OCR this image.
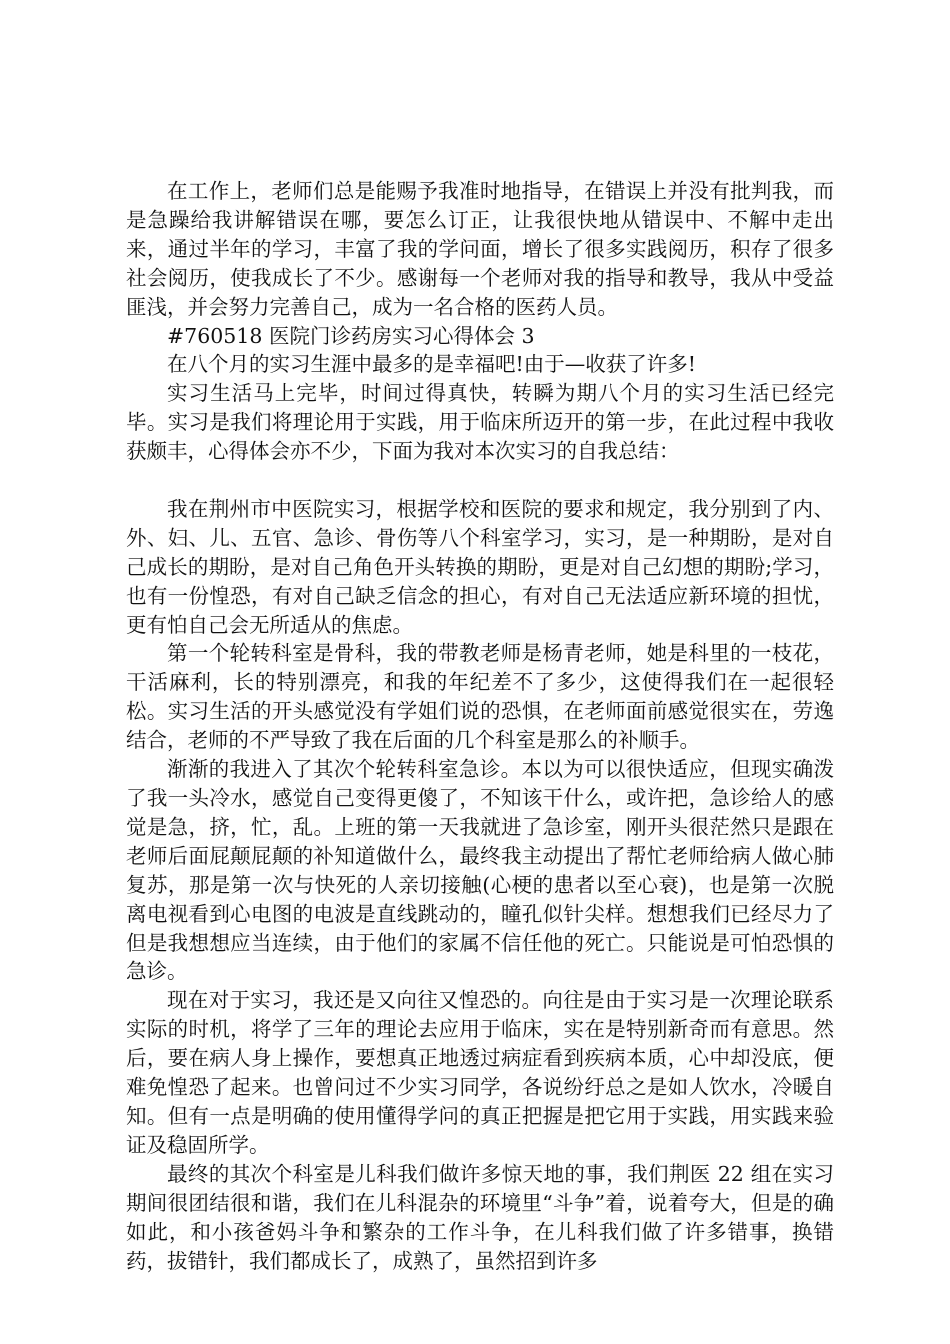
在工作上，老师们总是能赐予我准时地指导，在错误上并没有批判我，而是急躁给我讲解错误在哪，要怎么订正，让我很快地从错误中、不解中走出来，通过半年的学习，丰富了我的学问面，增长了很多实践阅历，积存了很多社会阅历，使我成长了不少。感谢每一个老师对我的指导和教导，我从中受益匪浅，并会努力完善自己，成为一名合格的医药人员。

#760518 医院门诊药房实习心得体会 3

在八个月的实习生涯中最多的是幸福吧!由于—收获了许多!

实习生活马上完毕，时间过得真快，转瞬为期八个月的实习生活已经完毕。实习是我们将理论用于实践，用于临床所迈开的第一步，在此过程中我收获颇丰，心得体会亦不少，下面为我对本次实习的自我总结：

我在荆州市中医院实习，根据学校和医院的要求和规定，我分别到了内、外、妇、儿、五官、急诊、骨伤等八个科室学习，实习，是一种期盼，是对自己成长的期盼，是对自己角色开头转换的期盼，更是对自己幻想的期盼;学习，也有一份惶恐，有对自己缺乏信念的担心，有对自己无法适应新环境的担忧，更有怕自己会无所适从的焦虑。

第一个轮转科室是骨科，我的带教老师是杨青老师，她是科里的一枝花，干活麻利，长的特别漂亮，和我的年纪差不了多少，这使得我们在一起很轻松。实习生活的开头感觉没有学姐们说的恐惧，在老师面前感觉很实在，劳逸结合，老师的不严导致了我在后面的几个科室是那么的补顺手。

渐渐的我进入了其次个轮转科室急诊。本以为可以很快适应，但现实确泼了我一头冷水，感觉自己变得更傻了，不知该干什么，或许把，急诊给人的感觉是急，挤，忙，乱。上班的第一天我就进了急诊室，刚开头很茫然只是跟在老师后面屁颠屁颠的补知道做什么，最终我主动提出了帮忙老师给病人做心肺复苏，那是第一次与快死的人亲切接触(心梗的患者以至心衰)，也是第一次脱离电视看到心电图的电波是直线跳动的，瞳孔似针尖样。想想我们已经尽力了但是我想想应当连续，由于他们的家属不信任他的死亡。只能说是可怕恐惧的急诊。

现在对于实习，我还是又向往又惶恐的。向往是由于实习是一次理论联系实际的时机，将学了三年的理论去应用于临床，实在是特别新奇而有意思。然后，要在病人身上操作，要想真正地透过病症看到疾病本质，心中却没底，便难免惶恐了起来。也曾问过不少实习同学，各说纷纡总之是如人饮水，冷暖自知。但有一点是明确的使用懂得学问的真正把握是把它用于实践，用实践来验证及稳固所学。

最终的其次个科室是儿科我们做许多惊天地的事，我们荆医 22 组在实习期间很团结很和谐，我们在儿科混杂的环境里“斗争”着，说着夸大，但是的确如此，和小孩爸妈斗争和繁杂的工作斗争，在儿科我们做了许多错事，换错药，拔错针，我们都成长了，成熟了，虽然招到许多
